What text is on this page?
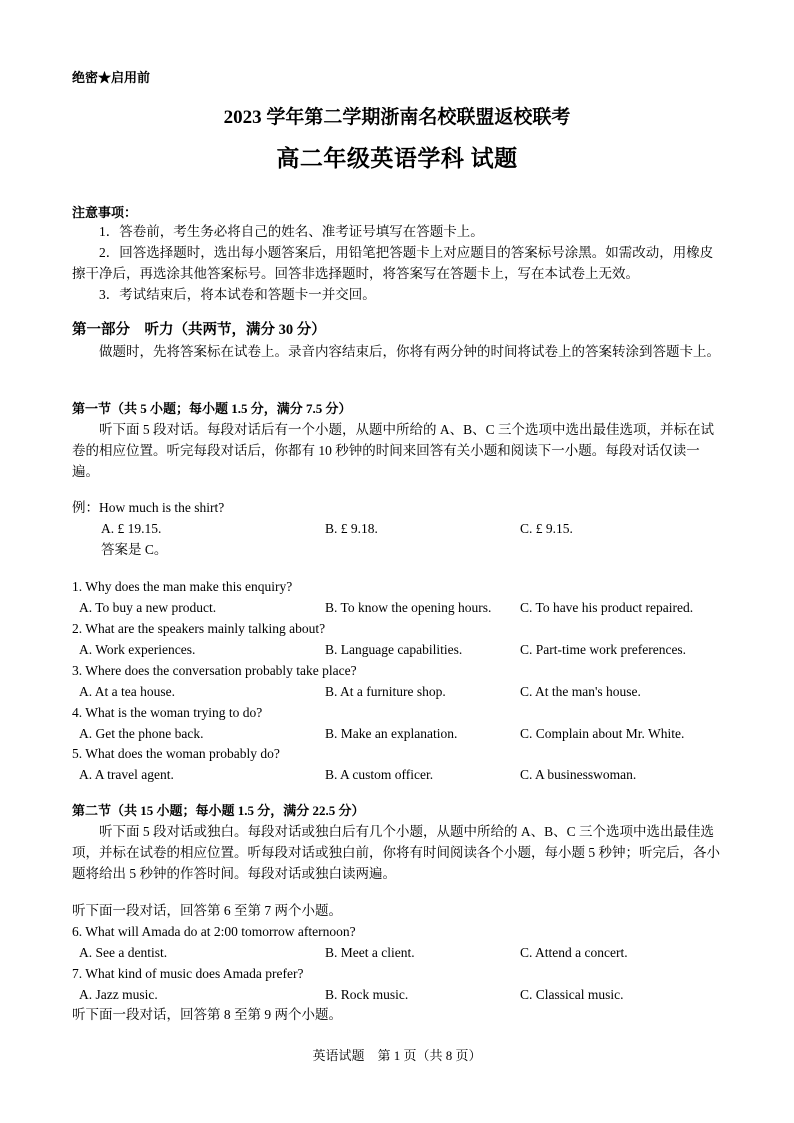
绝密★启用前
2023 学年第二学期浙南名校联盟返校联考
高二年级英语学科 试题
注意事项：
1．答卷前，考生务必将自己的姓名、准考证号填写在答题卡上。
2．回答选择题时，选出每小题答案后，用铅笔把答题卡上对应题目的答案标号涂黑。如需改动，用橡皮擦干净后，再选涂其他答案标号。回答非选择题时，将答案写在答题卡上，写在本试卷上无效。
3．考试结束后，将本试卷和答题卡一并交回。
第一部分　听力（共两节，满分 30 分）
做题时，先将答案标在试卷上。录音内容结束后，你将有两分钟的时间将试卷上的答案转涂到答题卡上。
第一节（共 5 小题；每小题 1.5 分，满分 7.5 分）
听下面 5 段对话。每段对话后有一个小题，从题中所给的 A、B、C 三个选项中选出最佳选项，并标在试卷的相应位置。听完每段对话后，你都有 10 秒钟的时间来回答有关小题和阅读下一小题。每段对话仅读一遍。
例：How much is the shirt?
A. £ 19.15.	B. £ 9.18.	C. £ 9.15.
答案是 C。
1. Why does the man make this enquiry?
A. To buy a new product.	B. To know the opening hours. C. To have his product repaired.
2. What are the speakers mainly talking about?
A. Work experiences.	B. Language capabilities.	C. Part-time work preferences.
3. Where does the conversation probably take place?
A. At a tea house.	B. At a furniture shop.	C. At the man's house.
4. What is the woman trying to do?
A. Get the phone back.	B. Make an explanation.	C. Complain about Mr. White.
5. What does the woman probably do?
A. A travel agent.	B. A custom officer.	C. A businesswoman.
第二节（共 15 小题；每小题 1.5 分，满分 22.5 分）
听下面 5 段对话或独白。每段对话或独白后有几个小题，从题中所给的 A、B、C 三个选项中选出最佳选项，并标在试卷的相应位置。听每段对话或独白前，你将有时间阅读各个小题，每小题 5 秒钟；听完后，各小题将给出 5 秒钟的作答时间。每段对话或独白读两遍。
听下面一段对话，回答第 6 至第 7 两个小题。
6. What will Amada do at 2:00 tomorrow afternoon?
A. See a dentist.	B. Meet a client.	C. Attend a concert.
7. What kind of music does Amada prefer?
A. Jazz music.	B. Rock music.	C. Classical music.
听下面一段对话，回答第 8 至第 9 两个小题。
英语试题　第 1 页（共 8 页）
